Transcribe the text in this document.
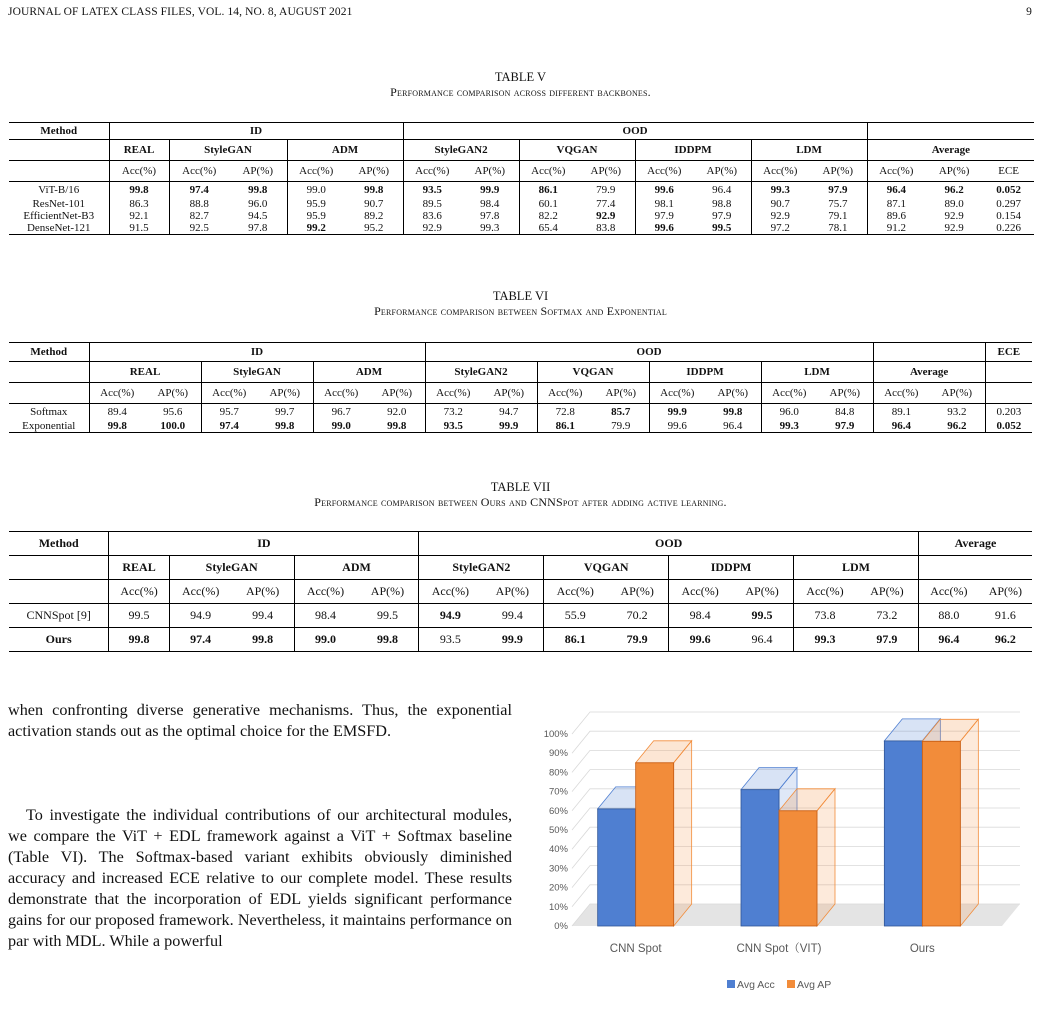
JOURNAL OF LATEX CLASS FILES, VOL. 14, NO. 8, AUGUST 2021	9
TABLE V
Performance comparison across different backbones.
Method	ID					OOD										
	REAL	StyleGAN		ADM		StyleGAN2		VQGAN		IDDPM		LDM		Average		
	Acc(%)	Acc(%)	AP(%)	Acc(%)	AP(%)	Acc(%)	AP(%)	Acc(%)	AP(%)	Acc(%)	AP(%)	Acc(%)	AP(%)	Acc(%)	AP(%)	ECE
ViT-B/16	99.8	97.4	99.8	99.0	99.8	93.5	99.9	86.1	79.9	99.6	96.4	99.3	97.9	96.4	96.2	0.052
ResNet-101	86.3	88.8	96.0	95.9	90.7	89.5	98.4	60.1	77.4	98.1	98.8	90.7	75.7	87.1	89.0	0.297
EfficientNet-B3	92.1	82.7	94.5	95.9	89.2	83.6	97.8	82.2	92.9	97.9	97.9	92.9	79.1	89.6	92.9	0.154
DenseNet-121	91.5	92.5	97.8	99.2	95.2	92.9	99.3	65.4	83.8	99.6	99.5	97.2	78.1	91.2	92.9	0.226
TABLE VI
Performance comparison between Softmax and Exponential
Method	ID						OOD										ECE
	REAL		StyleGAN		ADM		StyleGAN2		VQGAN		IDDPM		LDM		Average		
	Acc(%)	AP(%)	Acc(%)	AP(%)	Acc(%)	AP(%)	Acc(%)	AP(%)	Acc(%)	AP(%)	Acc(%)	AP(%)	Acc(%)	AP(%)	Acc(%)	AP(%)	
Softmax	89.4	95.6	95.7	99.7	96.7	92.0	73.2	94.7	72.8	85.7	99.9	99.8	96.0	84.8	89.1	93.2	0.203
Exponential	99.8	100.0	97.4	99.8	99.0	99.8	93.5	99.9	86.1	79.9	99.6	96.4	99.3	97.9	96.4	96.2	0.052
TABLE VII
Performance comparison between Ours and CNNSpot after adding active learning.
Method	ID					OOD								Average	
	REAL	StyleGAN		ADM		StyleGAN2		VQGAN		IDDPM		LDM			
	Acc(%)	Acc(%)	AP(%)	Acc(%)	AP(%)	Acc(%)	AP(%)	Acc(%)	AP(%)	Acc(%)	AP(%)	Acc(%)	AP(%)	Acc(%)	AP(%)
CNNSpot [9]	99.5	94.9	99.4	98.4	99.5	94.9	99.4	55.9	70.2	98.4	99.5	73.8	73.2	88.0	91.6
Ours	99.8	97.4	99.8	99.0	99.8	93.5	99.9	86.1	79.9	99.6	96.4	99.3	97.9	96.4	96.2

when confronting diverse generative mechanisms. Thus, the exponential activation stands out as the optimal choice for the EMSFD.

To investigate the individual contributions of our architectural modules, we compare the ViT + EDL framework against a ViT + Softmax baseline (Table VI). The Softmax-based variant exhibits obviously diminished accuracy and increased ECE relative to our complete model. These results demonstrate that the incorporation of EDL yields significant performance gains for our proposed framework. Nevertheless, it maintains performance on par with MDL. While a powerful

0%
10%
20%
30%
40%
50%
60%
70%
80%
90%
100%
CNN Spot	CNN Spot（VIT)	Ours
Avg Acc Avg AP
